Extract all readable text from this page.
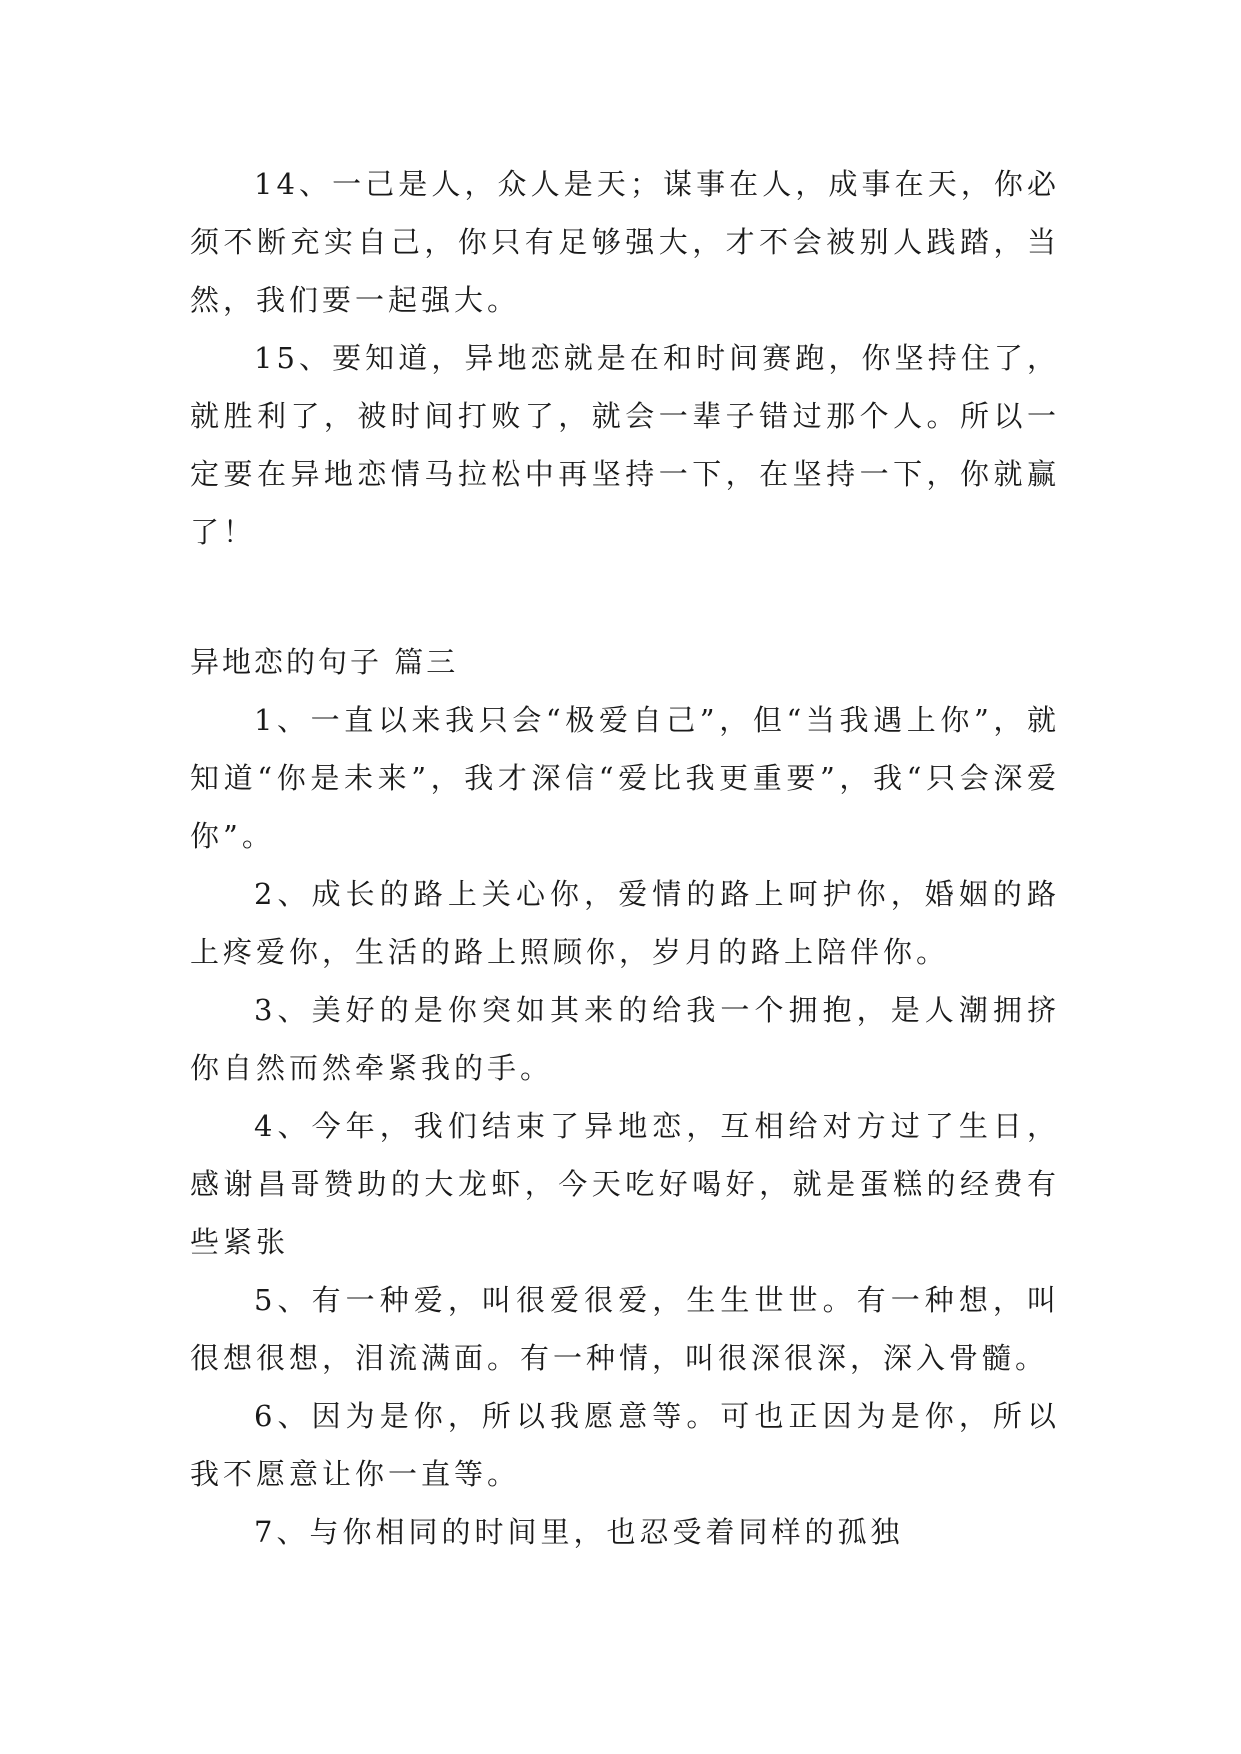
14、一己是人，众人是天；谋事在人，成事在天，你必须不断充实自己，你只有足够强大，才不会被别人践踏，当然，我们要一起强大。

15、要知道，异地恋就是在和时间赛跑，你坚持住了，就胜利了，被时间打败了，就会一辈子错过那个人。所以一定要在异地恋情马拉松中再坚持一下，在坚持一下，你就赢了！

异地恋的句子 篇三

1、一直以来我只会“极爱自己”，但“当我遇上你”，就知道“你是未来”，我才深信“爱比我更重要”，我“只会深爱你”。

2、成长的路上关心你，爱情的路上呵护你，婚姻的路上疼爱你，生活的路上照顾你，岁月的路上陪伴你。

3、美好的是你突如其来的给我一个拥抱，是人潮拥挤你自然而然牵紧我的手。

4、今年，我们结束了异地恋，互相给对方过了生日，感谢昌哥赞助的大龙虾，今天吃好喝好，就是蛋糕的经费有些紧张

5、有一种爱，叫很爱很爱，生生世世。有一种想，叫很想很想，泪流满面。有一种情，叫很深很深，深入骨髓。

6、因为是你，所以我愿意等。可也正因为是你，所以我不愿意让你一直等。

7、与你相同的时间里，也忍受着同样的孤独
